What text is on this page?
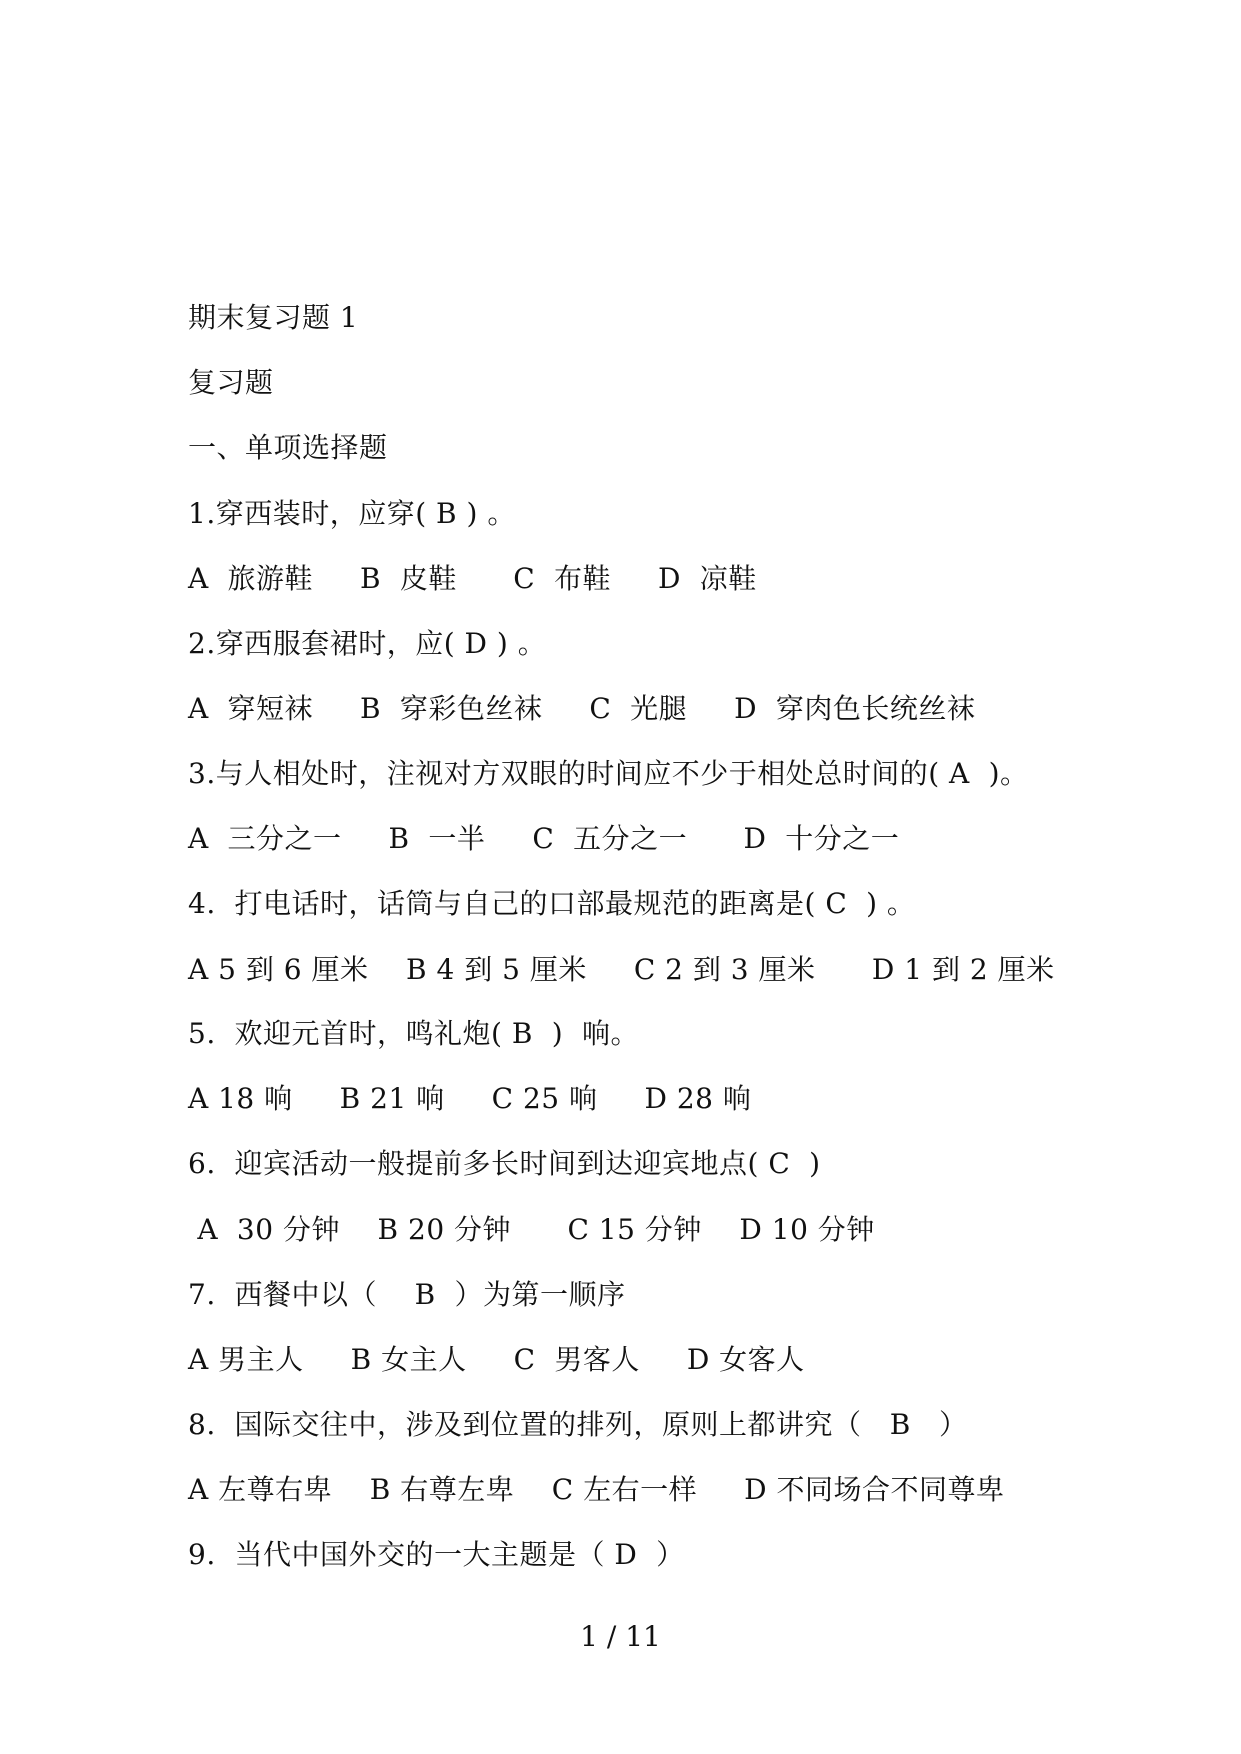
期末复习题 1
复习题
一、单项选择题
1.穿西装时，应穿( B ) 。
A  旅游鞋     B  皮鞋      C  布鞋     D  凉鞋
2.穿西服套裙时，应( D ) 。
A  穿短袜     B  穿彩色丝袜     C  光腿     D  穿肉色长统丝袜
3.与人相处时，注视对方双眼的时间应不少于相处总时间的( A  )。
A  三分之一     B  一半     C  五分之一      D  十分之一
4.  打电话时，话筒与自己的口部最规范的距离是( C  ) 。
A 5 到 6 厘米    B 4 到 5 厘米     C 2 到 3 厘米      D 1 到 2 厘米
5.  欢迎元首时，鸣礼炮( B  )  响。
A 18 响     B 21 响     C 25 响     D 28 响
6.  迎宾活动一般提前多长时间到达迎宾地点( C  )
A  30 分钟    B 20 分钟      C 15 分钟    D 10 分钟
7.  西餐中以（    B  ）为第一顺序
A 男主人     B 女主人     C  男客人     D 女客人
8.  国际交往中，涉及到位置的排列，原则上都讲究（   B   ）
A 左尊右卑    B 右尊左卑    C 左右一样     D 不同场合不同尊卑
9.  当代中国外交的一大主题是（ D  ）
1 / 11
